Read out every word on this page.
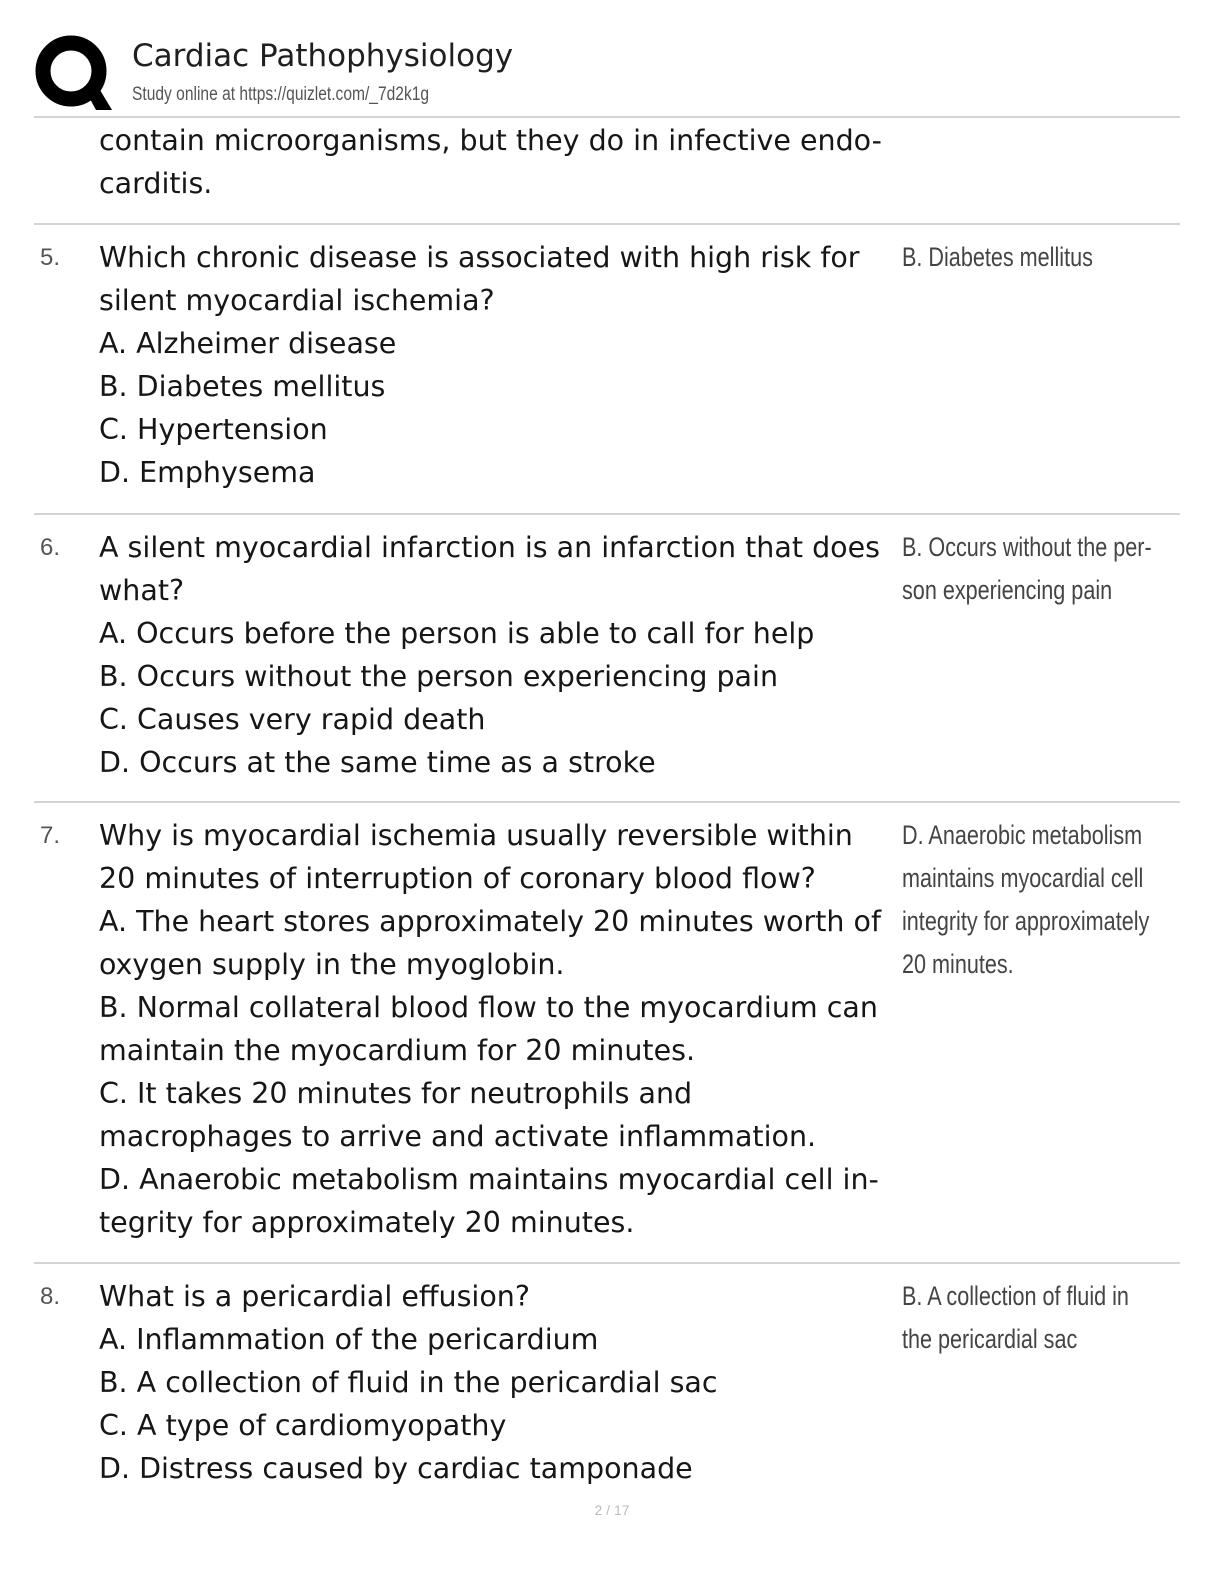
Cardiac Pathophysiology
Study online at https://quizlet.com/_7d2k1g
contain microorganisms, but they do in infective endo-
carditis.
5. Which chronic disease is associated with high risk for
silent myocardial ischemia?
A. Alzheimer disease
B. Diabetes mellitus
C. Hypertension
D. Emphysema
B. Diabetes mellitus
6. A silent myocardial infarction is an infarction that does
what?
A. Occurs before the person is able to call for help
B. Occurs without the person experiencing pain
C. Causes very rapid death
D. Occurs at the same time as a stroke
B. Occurs without the per-
son experiencing pain
7. Why is myocardial ischemia usually reversible within
20 minutes of interruption of coronary blood flow?
A. The heart stores approximately 20 minutes worth of
oxygen supply in the myoglobin.
B. Normal collateral blood flow to the myocardium can
maintain the myocardium for 20 minutes.
C. It takes 20 minutes for neutrophils and
macrophages to arrive and activate inflammation.
D. Anaerobic metabolism maintains myocardial cell in-
tegrity for approximately 20 minutes.
D. Anaerobic metabolism
maintains myocardial cell
integrity for approximately
20 minutes.
8. What is a pericardial effusion?
A. Inflammation of the pericardium
B. A collection of fluid in the pericardial sac
C. A type of cardiomyopathy
D. Distress caused by cardiac tamponade
B. A collection of fluid in
the pericardial sac
2 / 17
